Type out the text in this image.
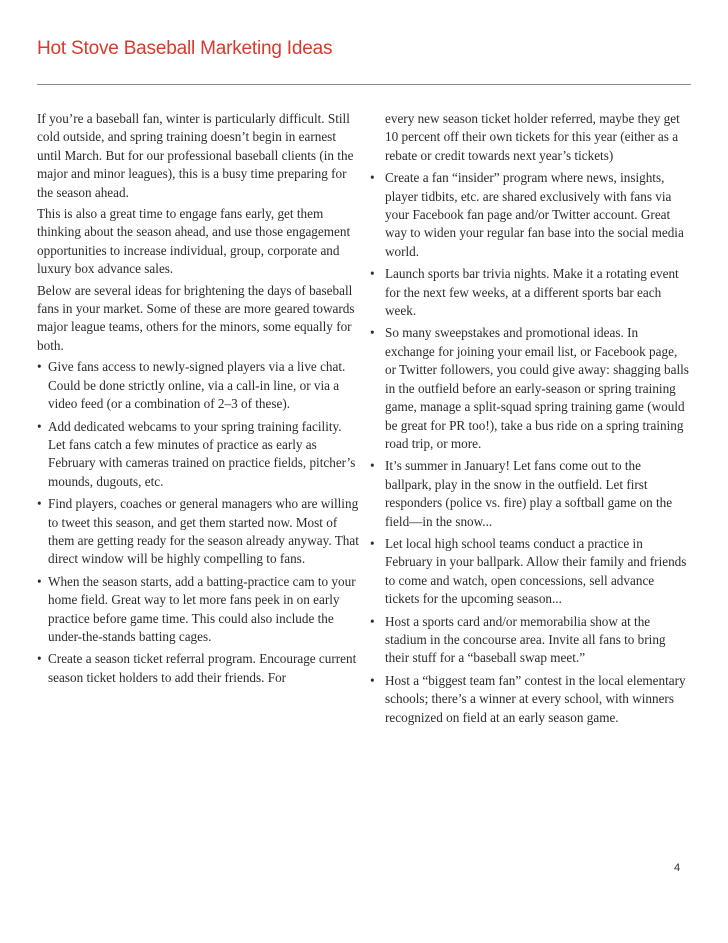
Hot Stove Baseball Marketing Ideas

If you’re a baseball fan, winter is particularly difficult. Still cold outside, and spring training doesn’t begin in earnest until March. But for our professional baseball clients (in the major and minor leagues), this is a busy time preparing for the season ahead.

This is also a great time to engage fans early, get them thinking about the season ahead, and use those engagement opportunities to increase individual, group, corporate and luxury box advance sales.

Below are several ideas for brightening the days of baseball fans in your market. Some of these are more geared towards major league teams, others for the minors, some equally for both.

• Give fans access to newly-signed players via a live chat. Could be done strictly online, via a call-in line, or via a video feed (or a combination of 2–3 of these).
• Add dedicated webcams to your spring training facility. Let fans catch a few minutes of practice as early as February with cameras trained on practice fields, pitcher’s mounds, dugouts, etc.
• Find players, coaches or general managers who are willing to tweet this season, and get them started now. Most of them are getting ready for the season already anyway. That direct window will be highly compelling to fans.
• When the season starts, add a batting-practice cam to your home field. Great way to let more fans peek in on early practice before game time. This could also include the under-the-stands batting cages.
• Create a season ticket referral program. Encourage current season ticket holders to add their friends. For
every new season ticket holder referred, maybe they get 10 percent off their own tickets for this year (either as a rebate or credit towards next year’s tickets)
• Create a fan “insider” program where news, insights, player tidbits, etc. are shared exclusively with fans via your Facebook fan page and/or Twitter account. Great way to widen your regular fan base into the social media world.
• Launch sports bar trivia nights. Make it a rotating event for the next few weeks, at a different sports bar each week.
• So many sweepstakes and promotional ideas. In exchange for joining your email list, or Facebook page, or Twitter followers, you could give away: shagging balls in the outfield before an early-season or spring training game, manage a split-squad spring training game (would be great for PR too!), take a bus ride on a spring training road trip, or more.
• It’s summer in January! Let fans come out to the ballpark, play in the snow in the outfield. Let first responders (police vs. fire) play a softball game on the field—in the snow...
• Let local high school teams conduct a practice in February in your ballpark. Allow their family and friends to come and watch, open concessions, sell advance tickets for the upcoming season...
• Host a sports card and/or memorabilia show at the stadium in the concourse area. Invite all fans to bring their stuff for a “baseball swap meet.”
• Host a “biggest team fan” contest in the local elementary schools; there’s a winner at every school, with winners recognized on field at an early season game.
4
